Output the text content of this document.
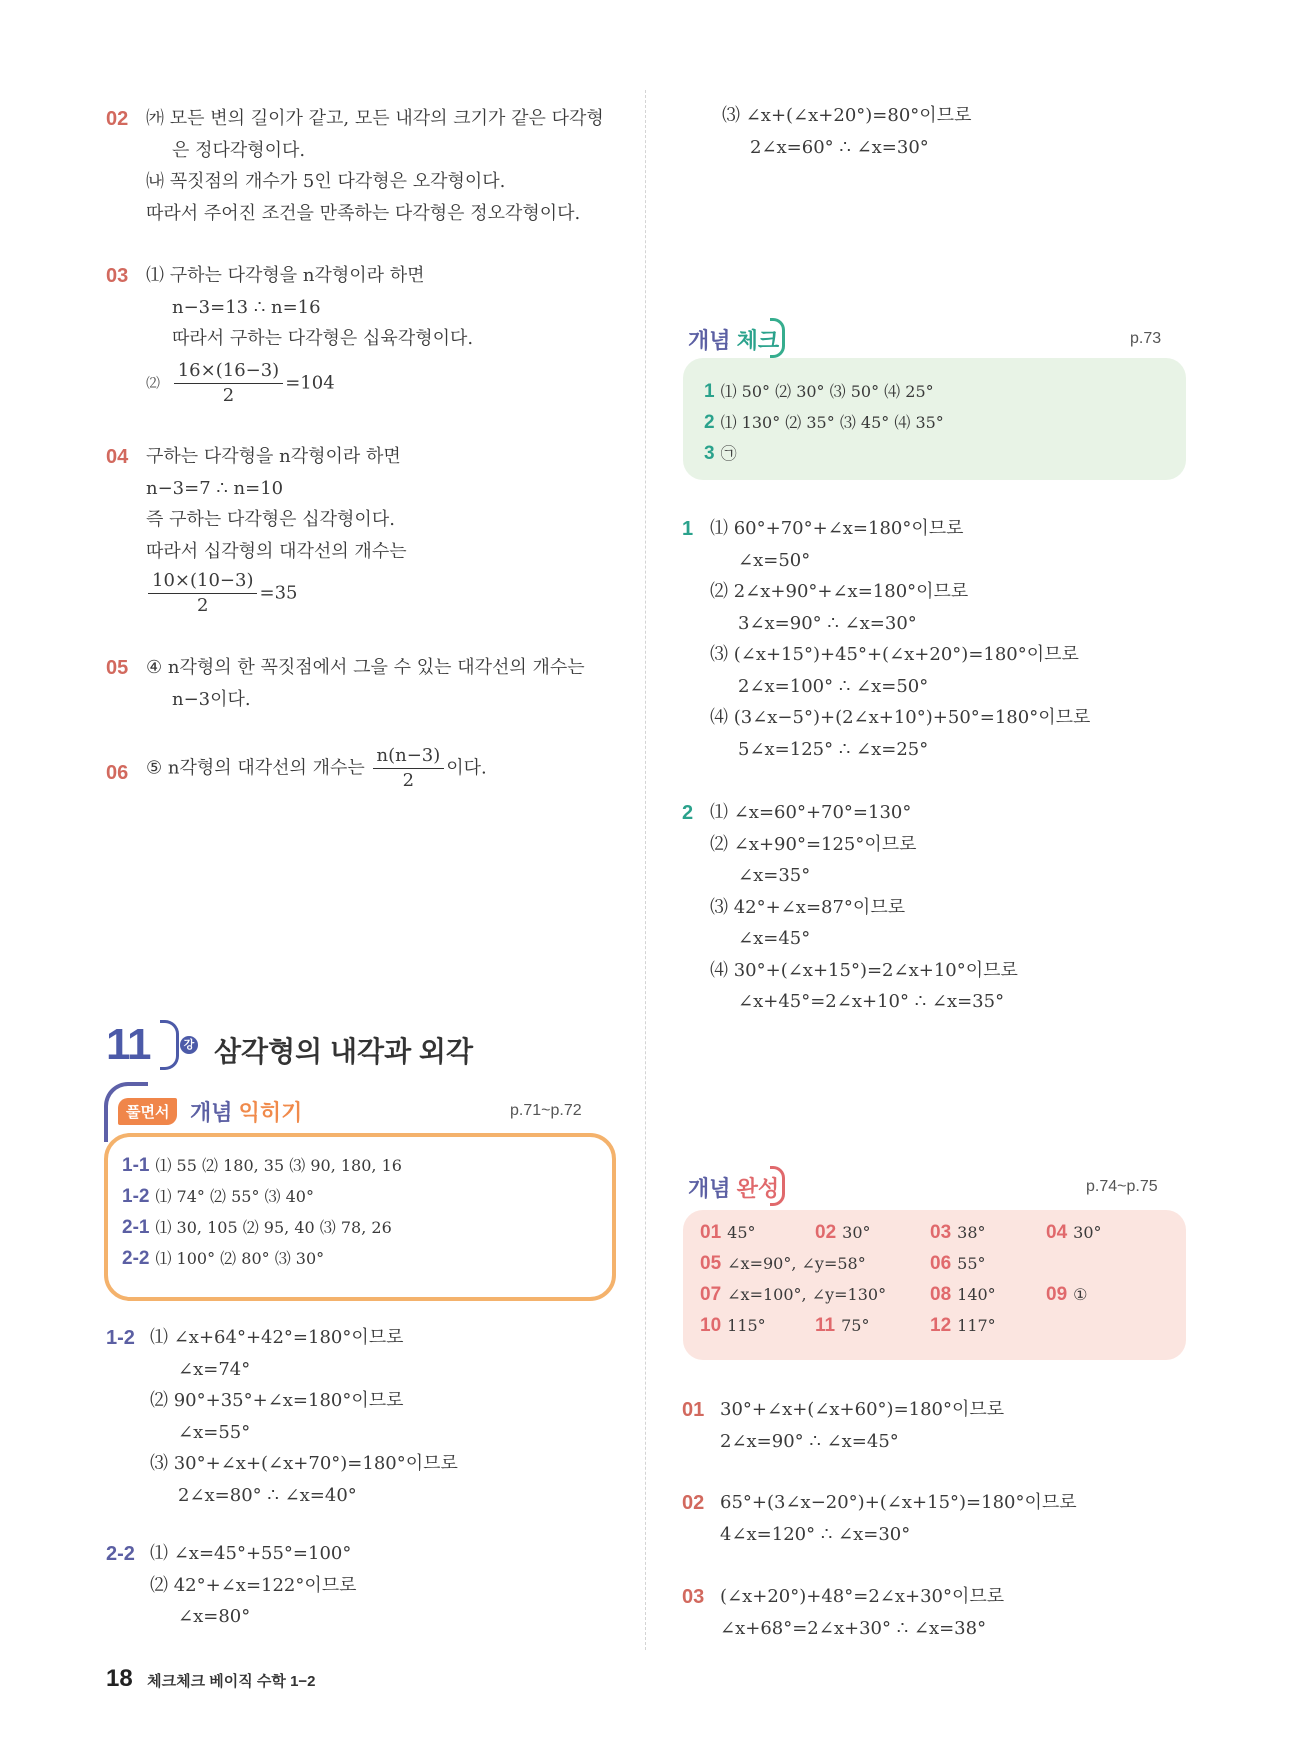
02 ㈎ 모든 변의 길이가 같고, 모든 내각의 크기가 같은 다각형
은 정다각형이다.
㈏ 꼭짓점의 개수가 5인 다각형은 오각형이다.
따라서 주어진 조건을 만족하는 다각형은 정오각형이다.
03 ⑴ 구하는 다각형을 n각형이라 하면
n−3=13 ∴ n=16
따라서 구하는 다각형은 십육각형이다.
⑵ $\frac{16\times(16-3)}{2} =104$
04 구하는 다각형을 n각형이라 하면
n−3=7 ∴ n=10
즉 구하는 다각형은 십각형이다.
따라서 십각형의 대각선의 개수는
$\frac{10\times(10-3)}{2} =35$
05 ④ n각형의 한 꼭짓점에서 그을 수 있는 대각선의 개수는
n−3이다.
06 ⑤ n각형의 대각선의 개수는 $\frac{n(n-3)}{2}$ 이다.
11	강 삼각형의 내각과 외각
풀면서 개념 익히기	p.71~p.72
1-1 ⑴ 55 ⑵ 180, 35 ⑶ 90, 180, 16
1-2 ⑴ 74° ⑵ 55° ⑶ 40°
2-1 ⑴ 30, 105 ⑵ 95, 40 ⑶ 78, 26
2-2 ⑴ 100° ⑵ 80° ⑶ 30°
1-2 ⑴ ∠x+64°+42°=180°이므로
∠x=74°
⑵ 90°+35°+∠x=180°이므로
∠x=55°
⑶ 30°+∠x+(∠x+70°)=180°이므로
2∠x=80° ∴ ∠x=40°
2-2 ⑴ ∠x=45°+55°=100°
⑵ 42°+∠x=122°이므로
∠x=80°
⑶ ∠x+(∠x+20°)=80°이므로
2∠x=60° ∴ ∠x=30°
개념 체크	p.73
1 ⑴ 50° ⑵ 30° ⑶ 50° ⑷ 25°
2 ⑴ 130° ⑵ 35° ⑶ 45° ⑷ 35°
3 ㉠
1 ⑴ 60°+70°+∠x=180°이므로
∠x=50°
⑵ 2∠x+90°+∠x=180°이므로
3∠x=90° ∴ ∠x=30°
⑶ (∠x+15°)+45°+(∠x+20°)=180°이므로
2∠x=100° ∴ ∠x=50°
⑷ (3∠x−5°)+(2∠x+10°)+50°=180°이므로
5∠x=125° ∴ ∠x=25°
2 ⑴ ∠x=60°+70°=130°
⑵ ∠x+90°=125°이므로
∠x=35°
⑶ 42°+∠x=87°이므로
∠x=45°
⑷ 30°+(∠x+15°)=2∠x+10°이므로
∠x+45°=2∠x+10° ∴ ∠x=35°
개념 완성	p.74~p.75
01 45°	02 30°	03 38°	04 30°
05 ∠x=90°, ∠y=58°	06 55°
07 ∠x=100°, ∠y=130° 08 140°	09 ①
10 115°	11 75°	12 117°
01 30°+∠x+(∠x+60°)=180°이므로
2∠x=90° ∴ ∠x=45°
02 65°+(3∠x−20°)+(∠x+15°)=180°이므로
4∠x=120° ∴ ∠x=30°
03 (∠x+20°)+48°=2∠x+30°이므로
∠x+68°=2∠x+30° ∴ ∠x=38°
18 체크체크 베이직 수학 1−2
